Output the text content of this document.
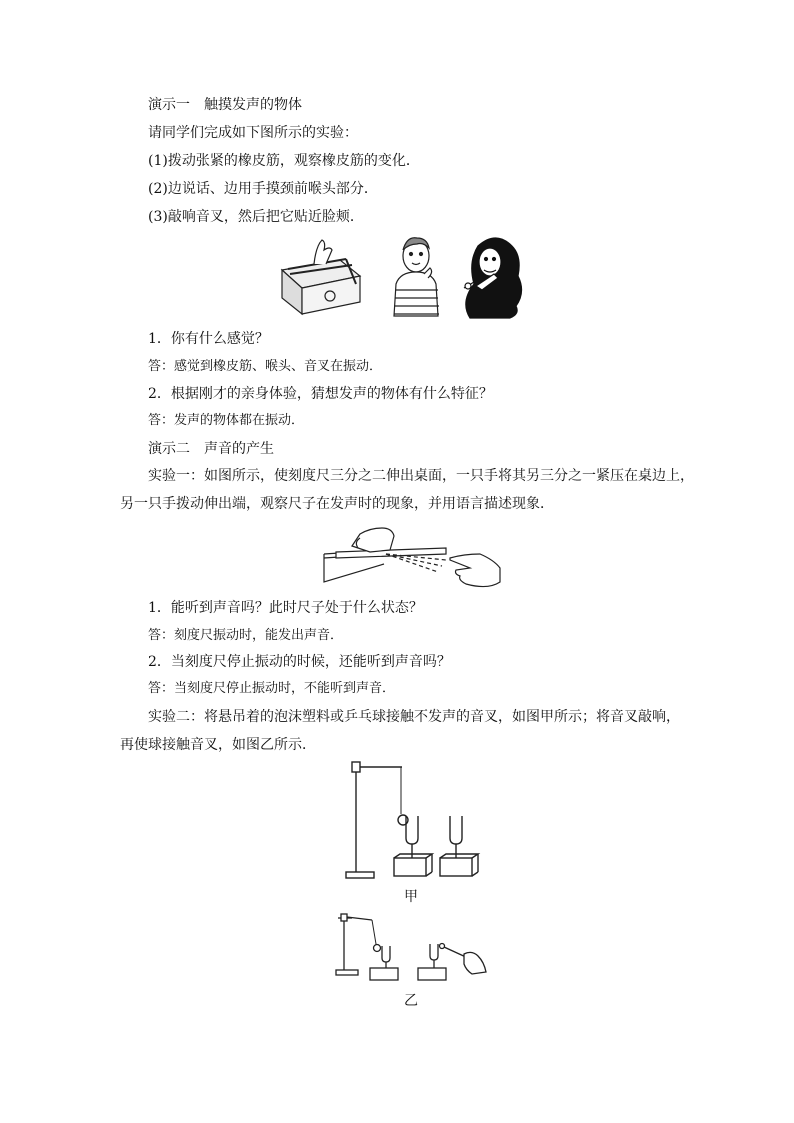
演示一　触摸发声的物体
请同学们完成如下图所示的实验：
(1)拨动张紧的橡皮筋，观察橡皮筋的变化．
(2)边说话、边用手摸颈前喉头部分．
(3)敲响音叉，然后把它贴近脸颊．
1．你有什么感觉？
答：感觉到橡皮筋、喉头、音叉在振动．
2．根据刚才的亲身体验，猜想发声的物体有什么特征？
答：发声的物体都在振动．
演示二　声音的产生
实验一：如图所示，使刻度尺三分之二伸出桌面，一只手将其另三分之一紧压在桌边上，
另一只手拨动伸出端，观察尺子在发声时的现象，并用语言描述现象．
1．能听到声音吗？此时尺子处于什么状态？
答：刻度尺振动时，能发出声音．
2．当刻度尺停止振动的时候，还能听到声音吗？
答：当刻度尺停止振动时，不能听到声音．
实验二：将悬吊着的泡沫塑料或乒乓球接触不发声的音叉，如图甲所示；将音叉敲响，
再使球接触音叉，如图乙所示．
甲
乙
